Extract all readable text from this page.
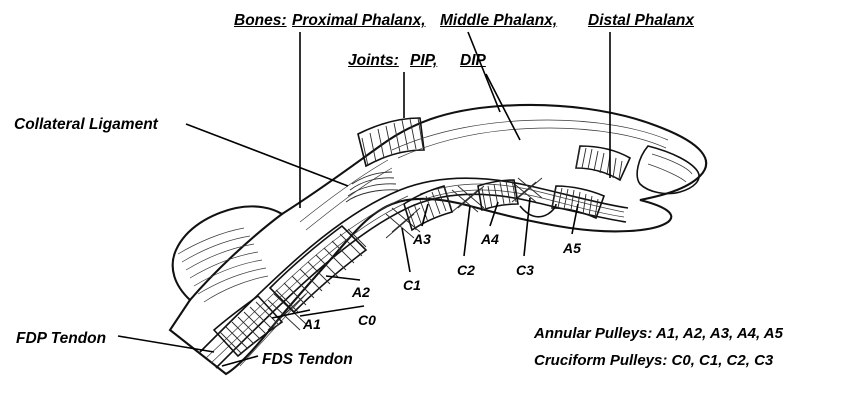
Bones: Proximal Phalanx, Middle Phalanx, Distal Phalanx
Joints: PIP, DIP
Collateral Ligament
FDP Tendon
FDS Tendon
A1	C0
A2 C1
A3
C2
A4
C3
A5
Annular Pulleys: A1, A2, A3, A4, A5
Cruciform Pulleys: C0, C1, C2, C3
